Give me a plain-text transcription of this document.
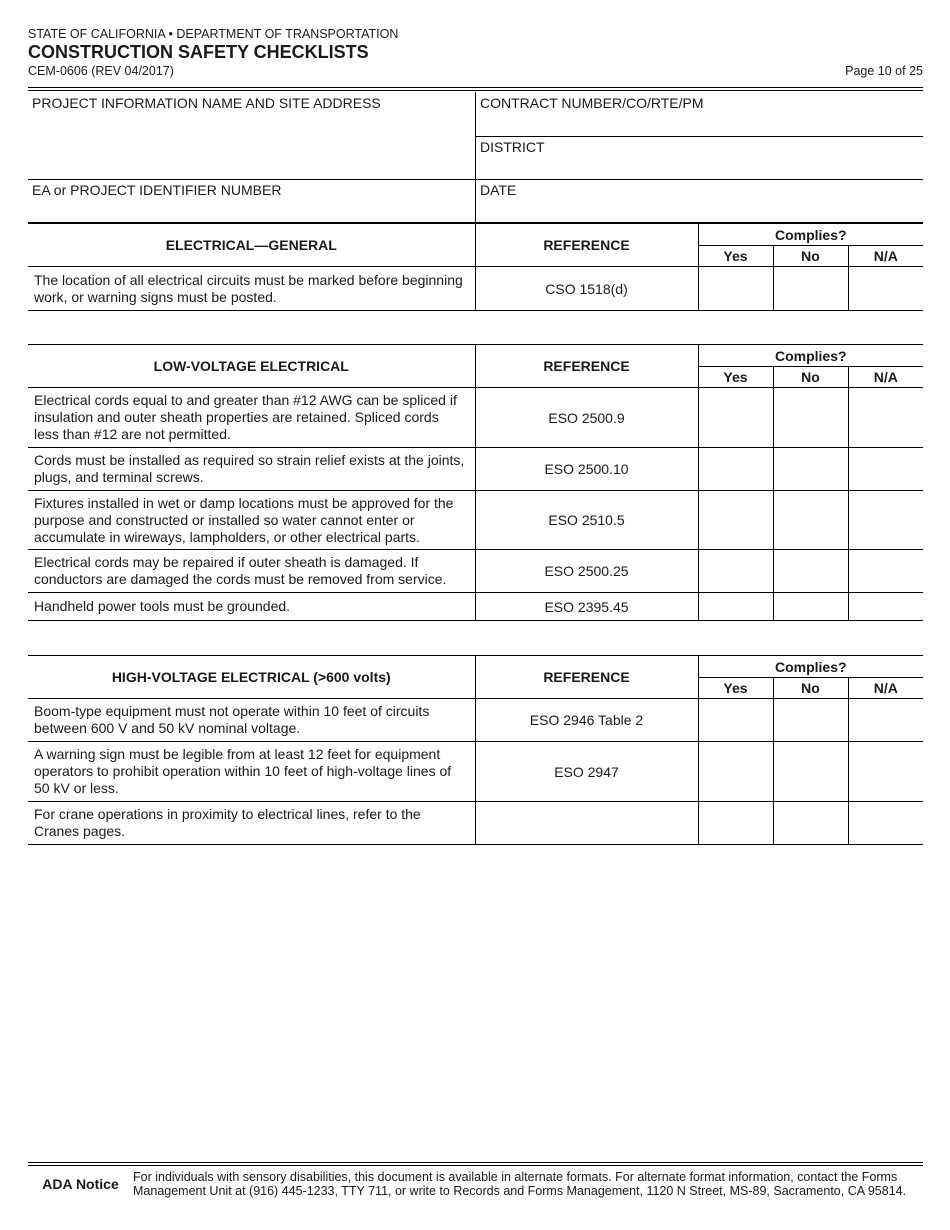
STATE OF CALIFORNIA • DEPARTMENT OF TRANSPORTATION
CONSTRUCTION SAFETY CHECKLISTS
CEM-0606 (REV 04/2017)	Page 10 of 25
PROJECT INFORMATION NAME AND SITE ADDRESS
EA or PROJECT IDENTIFIER NUMBER
CONTRACT NUMBER/CO/RTE/PM
DISTRICT
DATE
ELECTRICAL—GENERAL	REFERENCE	Complies?		
		Yes	No	N/A
The location of all electrical circuits must be marked before beginning work, or warning signs must be posted.	CSO 1518(d)			
LOW-VOLTAGE ELECTRICAL	REFERENCE	Complies?		
		Yes	No	N/A
Electrical cords equal to and greater than #12 AWG can be spliced if insulation and outer sheath properties are retained. Spliced cords less than #12 are not permitted.	ESO 2500.9			
Cords must be installed as required so strain relief exists at the joints, plugs, and terminal screws.	ESO 2500.10			
Fixtures installed in wet or damp locations must be approved for the purpose and constructed or installed so water cannot enter or accumulate in wireways, lampholders, or other electrical parts.	ESO 2510.5			
Electrical cords may be repaired if outer sheath is damaged. If conductors are damaged the cords must be removed from service.	ESO 2500.25			
Handheld power tools must be grounded.	ESO 2395.45			
HIGH-VOLTAGE ELECTRICAL (>600 volts)	REFERENCE	Complies?		
		Yes	No	N/A
Boom-type equipment must not operate within 10 feet of circuits between 600 V and 50 kV nominal voltage.	ESO 2946 Table 2			
A warning sign must be legible from at least 12 feet for equipment operators to prohibit operation within 10 feet of high-voltage lines of 50 kV or less.	ESO 2947			
For crane operations in proximity to electrical lines, refer to the Cranes pages.				
ADA Notice	For individuals with sensory disabilities, this document is available in alternate formats. For alternate format information, contact the Forms Management Unit at (916) 445-1233, TTY 711, or write to Records and Forms Management, 1120 N Street, MS-89, Sacramento, CA 95814.
